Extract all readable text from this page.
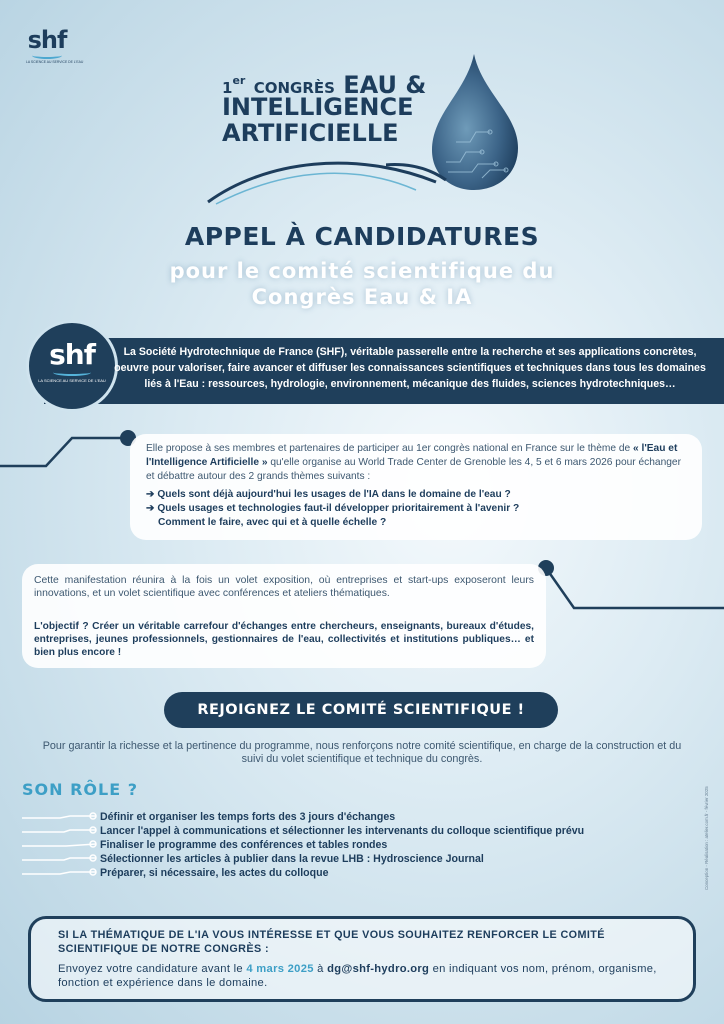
shf
LA SCIENCE AU SERVICE DE L'EAU
1er CONGRÈS EAU &
INTELLIGENCE
ARTIFICIELLE
APPEL À CANDIDATURES
pour le comité scientifique du
Congrès Eau & IA
shf
LA SCIENCE AU SERVICE DE L'EAU
La Société Hydrotechnique de France (SHF), véritable passerelle entre la recherche et ses applications concrètes, oeuvre pour valoriser, faire avancer et diffuser les connaissances scientifiques et techniques dans tous les domaines liés à l'Eau : ressources, hydrologie, environnement, mécanique des fluides, sciences hydrotechniques…
Elle propose à ses membres et partenaires de participer au 1er congrès national en France sur le thème de « l'Eau et l'Intelligence Artificielle » qu'elle organise au World Trade Center de Grenoble les 4, 5 et 6 mars 2026 pour échanger et débattre autour des 2 grands thèmes suivants :
➔ Quels sont déjà aujourd'hui les usages de l'IA dans le domaine de l'eau ?
➔ Quels usages et technologies faut-il développer prioritairement à l'avenir ?
Comment le faire, avec qui et à quelle échelle ?
Cette manifestation réunira à la fois un volet exposition, où entreprises et start-ups exposeront leurs innovations, et un volet scientifique avec conférences et ateliers thématiques.
L'objectif ? Créer un véritable carrefour d'échanges entre chercheurs, enseignants, bureaux d'études, entreprises, jeunes professionnels, gestionnaires de l'eau, collectivités et institutions publiques… et bien plus encore !
REJOIGNEZ LE COMITÉ SCIENTIFIQUE !
Pour garantir la richesse et la pertinence du programme, nous renforçons notre comité scientifique, en charge de la construction et du suivi du volet scientifique et technique du congrès.
SON RÔLE ?
Définir et organiser les temps forts des 3 jours d'échanges
Lancer l'appel à communications et sélectionner les intervenants du colloque scientifique prévu
Finaliser le programme des conférences et tables rondes
Sélectionner les articles à publier dans la revue LHB : Hydroscience Journal
Préparer, si nécessaire, les actes du colloque	Conception - Réalisation : atelier.com.fr - février 2025
SI LA THÉMATIQUE DE L'IA VOUS INTÉRESSE ET QUE VOUS SOUHAITEZ RENFORCER LE COMITÉ SCIENTIFIQUE DE NOTRE CONGRÈS :
Envoyez votre candidature avant le 4 mars 2025 à dg@shf-hydro.org en indiquant vos nom, prénom, organisme, fonction et expérience dans le domaine.
